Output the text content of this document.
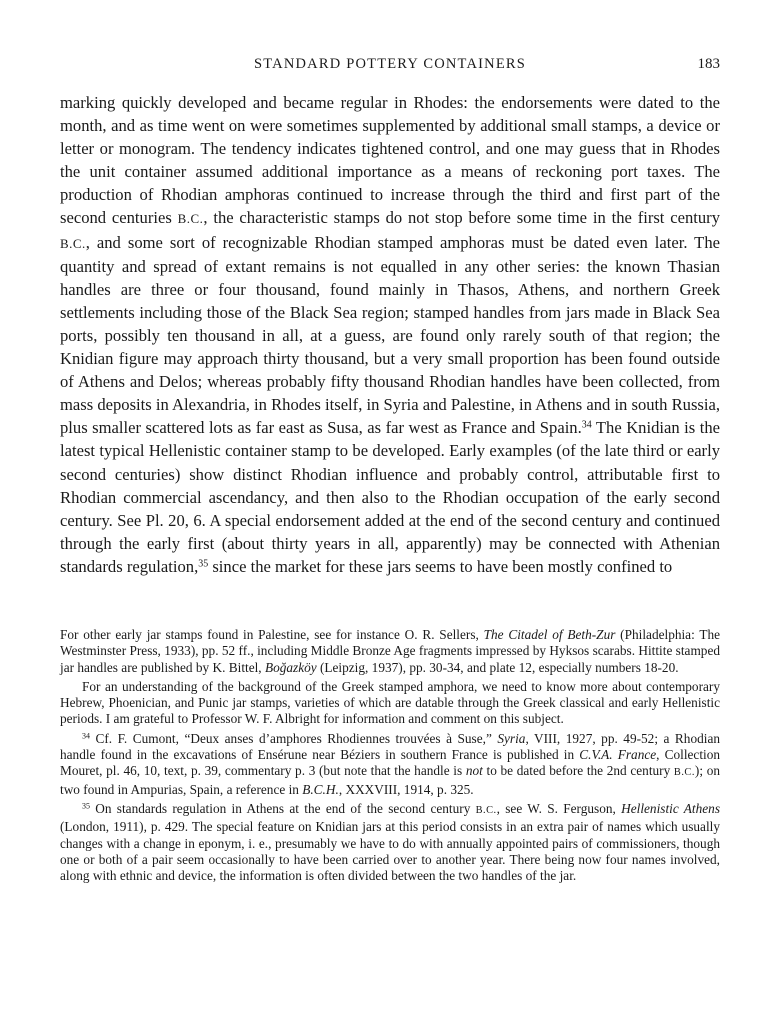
STANDARD POTTERY CONTAINERS	183

marking quickly developed and became regular in Rhodes: the endorsements were dated to the month, and as time went on were sometimes supplemented by additional small stamps, a device or letter or monogram. The tendency indicates tightened control, and one may guess that in Rhodes the unit container assumed additional importance as a means of reckoning port taxes. The production of Rhodian amphoras continued to increase through the third and first part of the second centuries B.C., the characteristic stamps do not stop before some time in the first century B.C., and some sort of recognizable Rhodian stamped amphoras must be dated even later. The quantity and spread of extant remains is not equalled in any other series: the known Thasian handles are three or four thousand, found mainly in Thasos, Athens, and northern Greek settlements including those of the Black Sea region; stamped handles from jars made in Black Sea ports, possibly ten thousand in all, at a guess, are found only rarely south of that region; the Knidian figure may approach thirty thousand, but a very small proportion has been found outside of Athens and Delos; whereas probably fifty thousand Rhodian handles have been collected, from mass deposits in Alexandria, in Rhodes itself, in Syria and Palestine, in Athens and in south Russia, plus smaller scattered lots as far east as Susa, as far west as France and Spain.$^{34}$ The Knidian is the latest typical Hellenistic container stamp to be developed. Early examples (of the late third or early second centuries) show distinct Rhodian influence and probably control, attributable first to Rhodian commercial ascendancy, and then also to the Rhodian occupation of the early second century. See Pl. 20, 6. A special endorsement added at the end of the second century and continued through the early first (about thirty years in all, apparently) may be connected with Athenian standards regulation,$^{35}$ since the market for these jars seems to have been mostly confined to

For other early jar stamps found in Palestine, see for instance O. R. Sellers, The Citadel of Beth-Zur (Philadelphia: The Westminster Press, 1933), pp. 52 ff., including Middle Bronze Age fragments impressed by Hyksos scarabs. Hittite stamped jar handles are published by K. Bittel, Boğazköy (Leipzig, 1937), pp. 30-34, and plate 12, especially numbers 18-20.

For an understanding of the background of the Greek stamped amphora, we need to know more about contemporary Hebrew, Phoenician, and Punic jar stamps, varieties of which are datable through the Greek classical and early Hellenistic periods. I am grateful to Professor W. F. Albright for information and comment on this subject.

$^{34}$ Cf. F. Cumont, “Deux anses d’amphores Rhodiennes trouvées à Suse,” Syria, VIII, 1927, pp. 49-52; a Rhodian handle found in the excavations of Ensérune near Béziers in southern France is published in C.V.A. France, Collection Mouret, pl. 46, 10, text, p. 39, commentary p. 3 (but note that the handle is not to be dated before the 2nd century B.C.); on two found in Ampurias, Spain, a reference in B.C.H., XXXVIII, 1914, p. 325.

$^{35}$ On standards regulation in Athens at the end of the second century B.C., see W. S. Ferguson, Hellenistic Athens (London, 1911), p. 429. The special feature on Knidian jars at this period consists in an extra pair of names which usually changes with a change in eponym, i. e., presumably we have to do with annually appointed pairs of commissioners, though one or both of a pair seem occasionally to have been carried over to another year. There being now four names involved, along with ethnic and device, the information is often divided between the two handles of the jar.
